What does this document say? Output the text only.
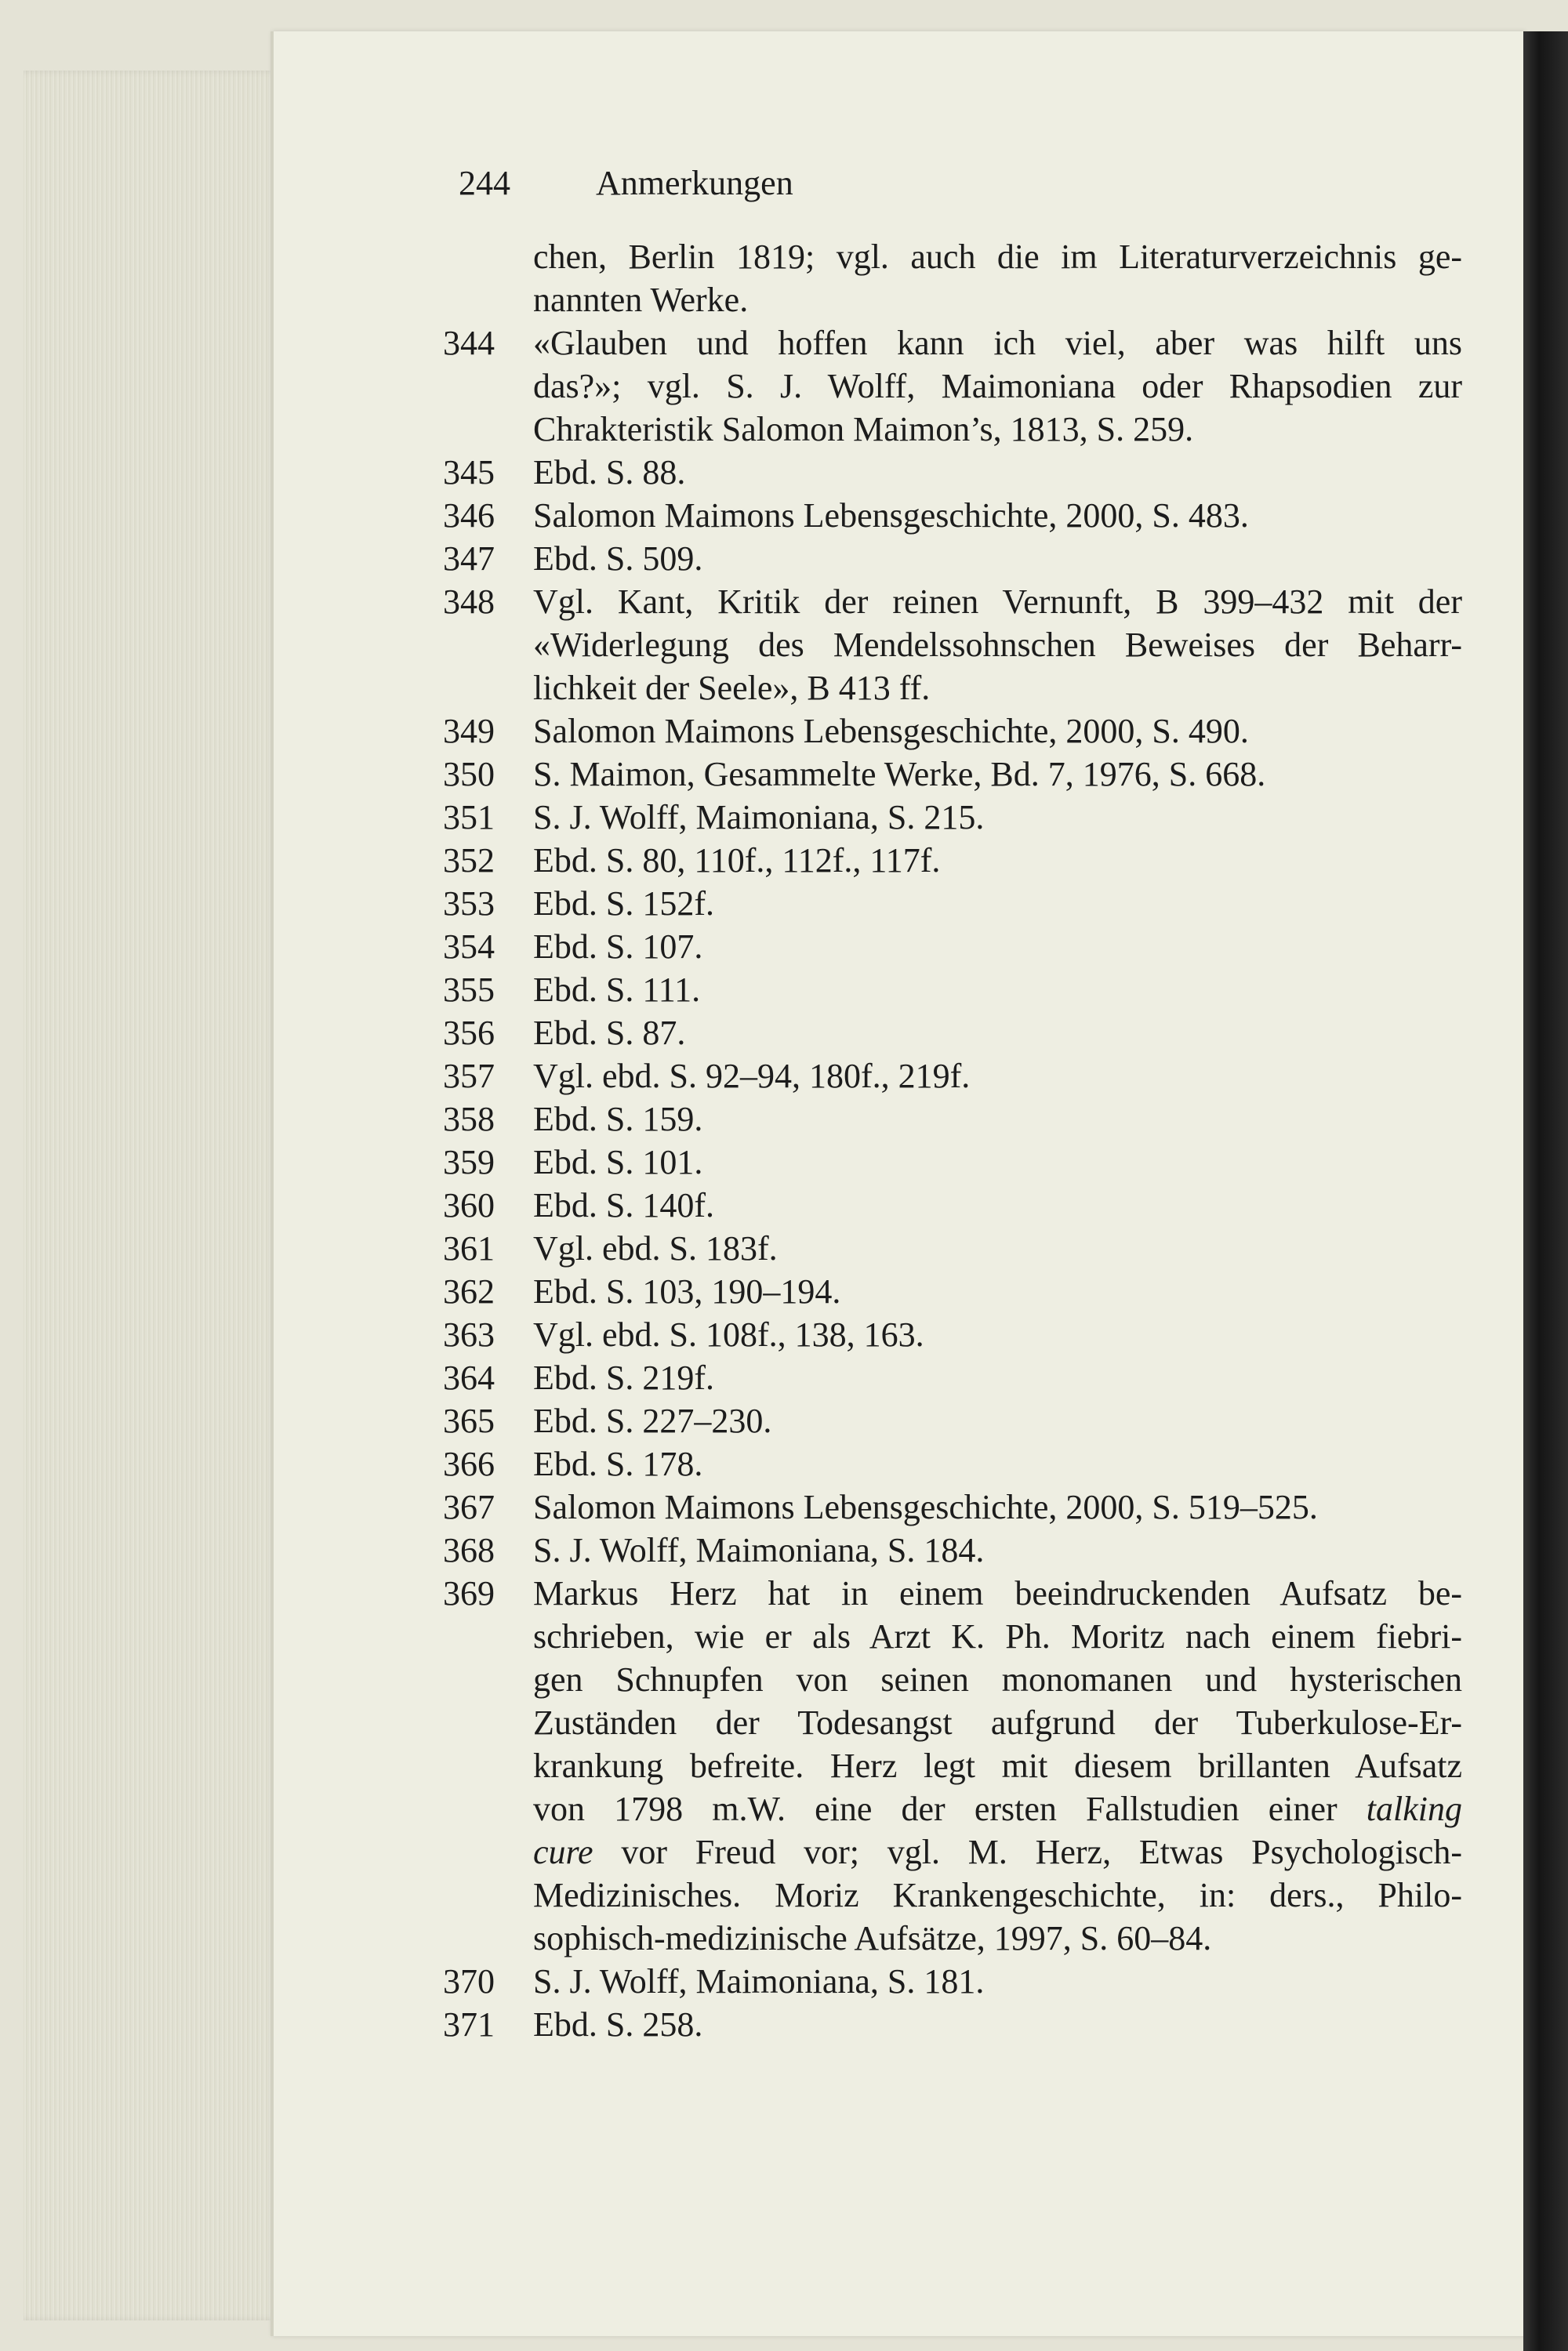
244 Anmerkungen
chen, Berlin 1819; vgl. auch die im Literaturverzeichnis ge-
nannten Werke.
344	«Glauben und hoffen kann ich viel, aber was hilft uns
das?»; vgl. S. J. Wolff, Maimoniana oder Rhapsodien zur
Chrakteristik Salomon Maimon’s, 1813, S. 259.
345	Ebd. S. 88.
346	Salomon Maimons Lebensgeschichte, 2000, S. 483.
347	Ebd. S. 509.
348	Vgl. Kant, Kritik der reinen Vernunft, B 399–432 mit der
«Widerlegung des Mendelssohnschen Beweises der Beharr-
lichkeit der Seele», B 413 ff.
349	Salomon Maimons Lebensgeschichte, 2000, S. 490.
350	S. Maimon, Gesammelte Werke, Bd. 7, 1976, S. 668.
351	S. J. Wolff, Maimoniana, S. 215.
352	Ebd. S. 80, 110f., 112f., 117f.
353	Ebd. S. 152f.
354	Ebd. S. 107.
355	Ebd. S. 111.
356	Ebd. S. 87.
357	Vgl. ebd. S. 92–94, 180f., 219f.
358	Ebd. S. 159.
359	Ebd. S. 101.
360	Ebd. S. 140f.
361	Vgl. ebd. S. 183f.
362	Ebd. S. 103, 190–194.
363	Vgl. ebd. S. 108f., 138, 163.
364	Ebd. S. 219f.
365	Ebd. S. 227–230.
366	Ebd. S. 178.
367	Salomon Maimons Lebensgeschichte, 2000, S. 519–525.
368	S. J. Wolff, Maimoniana, S. 184.
369	Markus Herz hat in einem beeindruckenden Aufsatz be-
schrieben, wie er als Arzt K. Ph. Moritz nach einem fiebri-
gen Schnupfen von seinen monomanen und hysterischen
Zuständen der Todesangst aufgrund der Tuberkulose-Er-
krankung befreite. Herz legt mit diesem brillanten Aufsatz
von 1798 m.W. eine der ersten Fallstudien einer talking
cure vor Freud vor; vgl. M. Herz, Etwas Psychologisch-
Medizinisches. Moriz Krankengeschichte, in: ders., Philo-
sophisch-medizinische Aufsätze, 1997, S. 60–84.
370	S. J. Wolff, Maimoniana, S. 181.
371	Ebd. S. 258.
